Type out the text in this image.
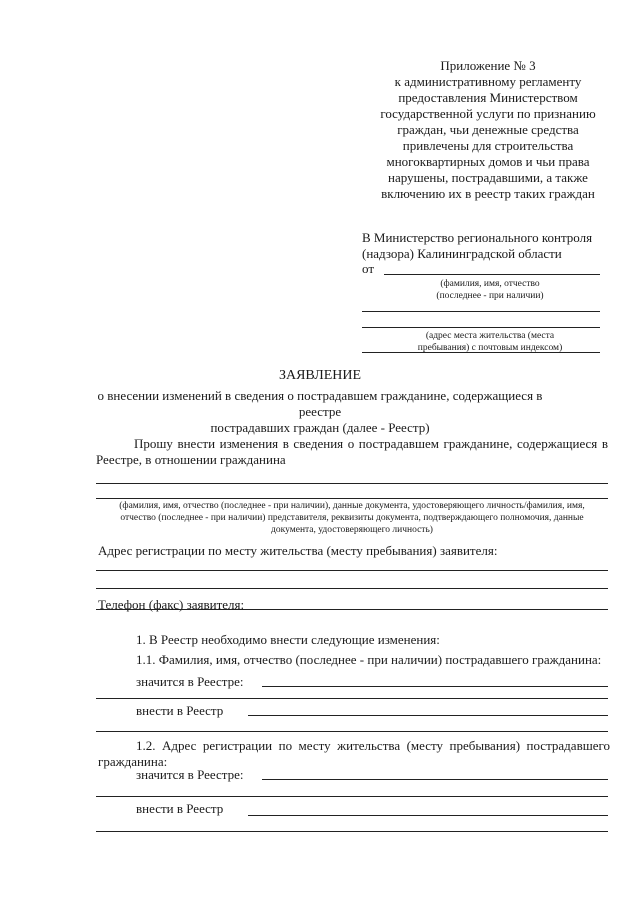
Приложение № 3
к административному регламенту
предоставления Министерством
государственной услуги по признанию
граждан, чьи денежные средства
привлечены для строительства
многоквартирных домов и чьи права
нарушены, пострадавшими, а также
включению их в реестр таких граждан
В Министерство регионального контроля
(надзора) Калининградской области
от
(фамилия, имя, отчество
(последнее - при наличии)
(адрес места жительства (места
пребывания) с почтовым индексом)
ЗАЯВЛЕНИЕ
о внесении изменений в сведения о пострадавшем гражданине, содержащиеся в реестре
пострадавших граждан (далее - Реестр)
Прошу внести изменения в сведения о пострадавшем гражданине, содержащиеся в Реестре, в отношении гражданина
(фамилия, имя, отчество (последнее - при наличии), данные документа, удостоверяющего личность/фамилия, имя,
отчество (последнее - при наличии) представителя, реквизиты документа, подтверждающего полномочия, данные
документа, удостоверяющего личность)
Адрес регистрации по месту жительства (месту пребывания) заявителя:
Телефон (факс) заявителя:
1. В Реестр необходимо внести следующие изменения:
1.1. Фамилия, имя, отчество (последнее - при наличии) пострадавшего гражданина:
значится в Реестре:
внести в Реестр
1.2. Адрес регистрации по месту жительства (месту пребывания) пострадавшего гражданина:
значится в Реестре:
внести в Реестр
